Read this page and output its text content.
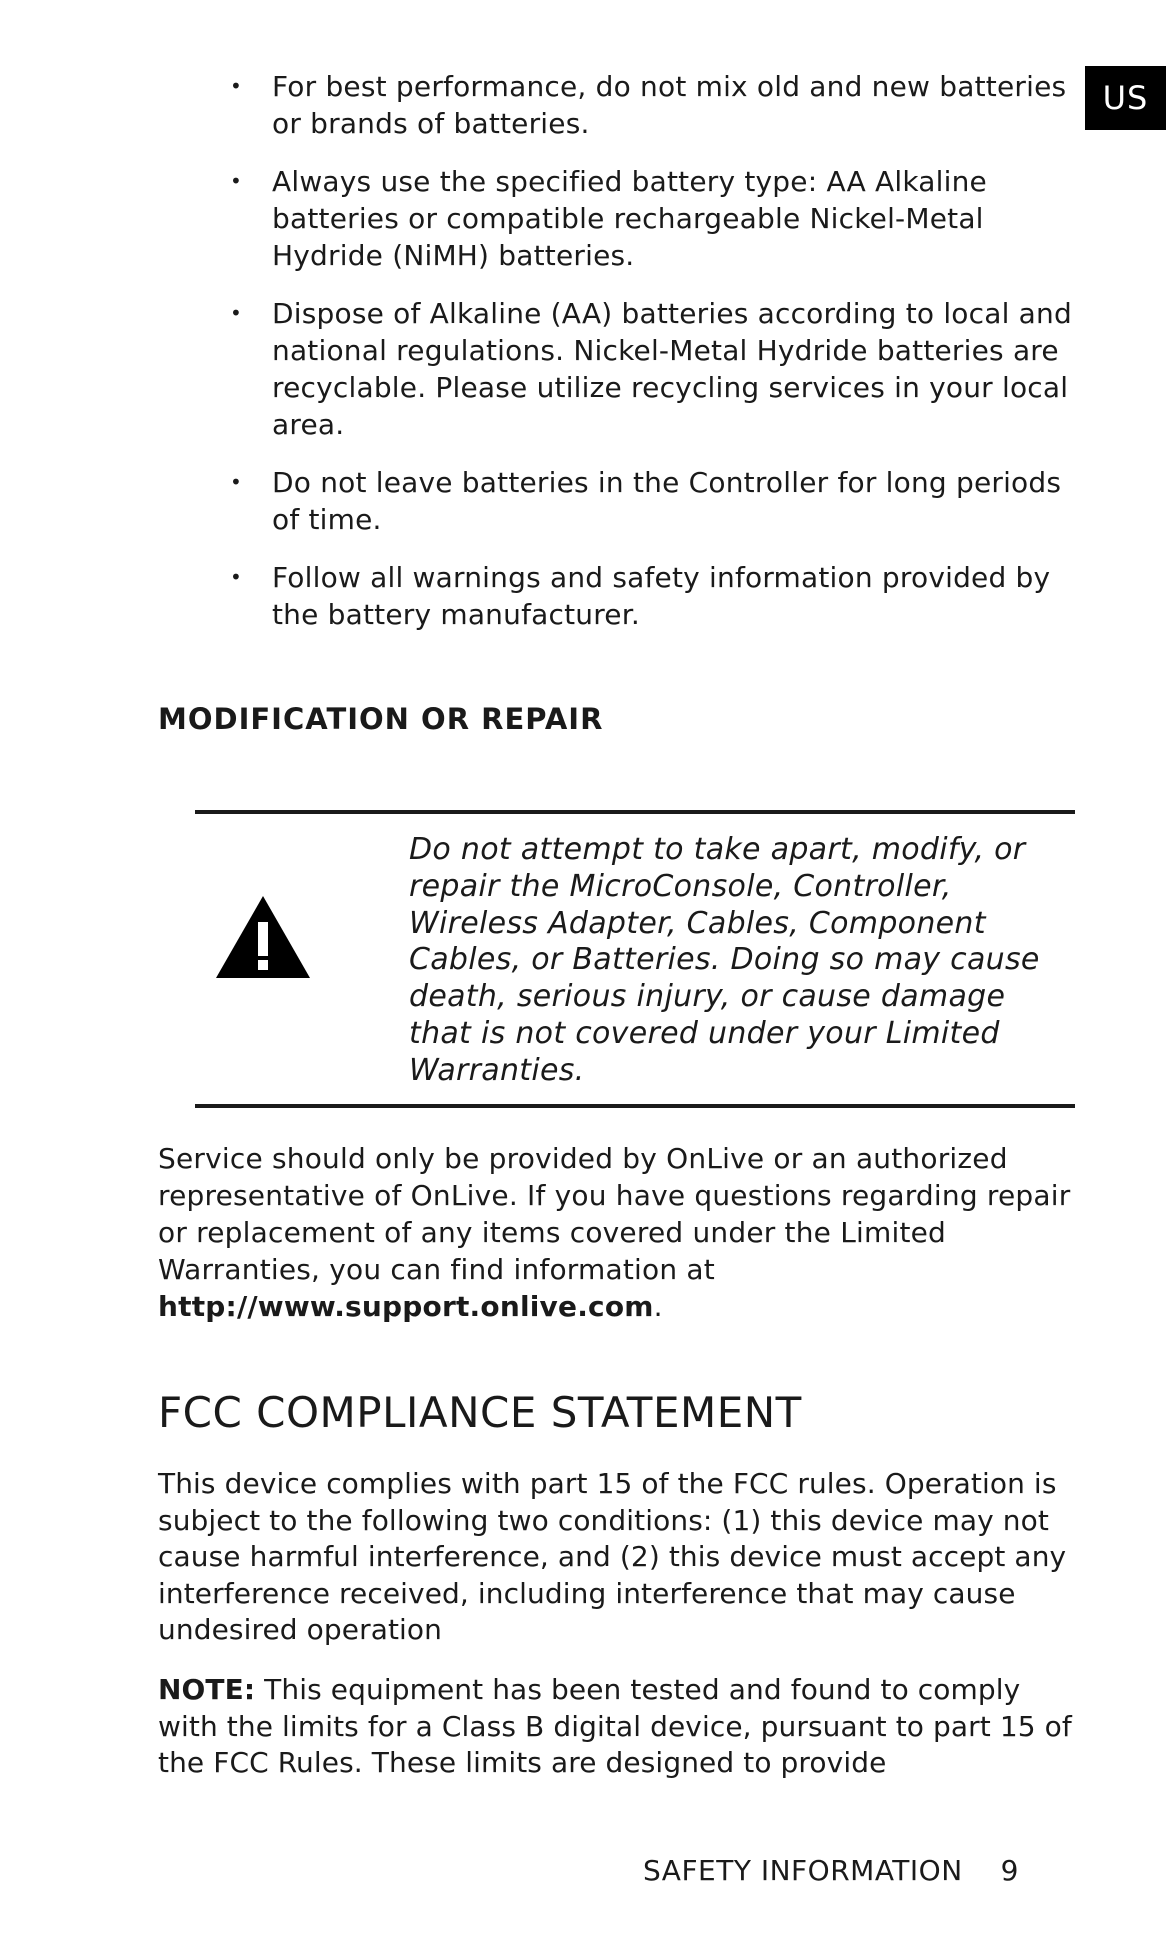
US
• For best performance, do not mix old and new batteries or brands of batteries.
• Always use the specified battery type: AA Alkaline batteries or compatible rechargeable Nickel-Metal Hydride (NiMH) batteries.
• Dispose of Alkaline (AA) batteries according to local and national regulations. Nickel-Metal Hydride batteries are recyclable. Please utilize recycling services in your local area.
• Do not leave batteries in the Controller for long periods of time.
• Follow all warnings and safety information provided by the battery manufacturer.
MODIFICATION OR REPAIR

Do not attempt to take apart, modify, or repair the MicroConsole, Controller, Wireless Adapter, Cables, Component Cables, or Batteries. Doing so may cause death, serious injury, or cause damage that is not covered under your Limited Warranties.

Service should only be provided by OnLive or an authorized representative of OnLive. If you have questions regarding repair or replacement of any items covered under the Limited Warranties, you can find information at http://www.support.onlive.com.

FCC COMPLIANCE STATEMENT

This device complies with part 15 of the FCC rules. Operation is subject to the following two conditions: (1) this device may not cause harmful interference, and (2) this device must accept any interference received, including interference that may cause undesired operation

NOTE: This equipment has been tested and found to comply with the limits for a Class B digital device, pursuant to part 15 of the FCC Rules. These limits are designed to provide

SAFETY INFORMATION 9
